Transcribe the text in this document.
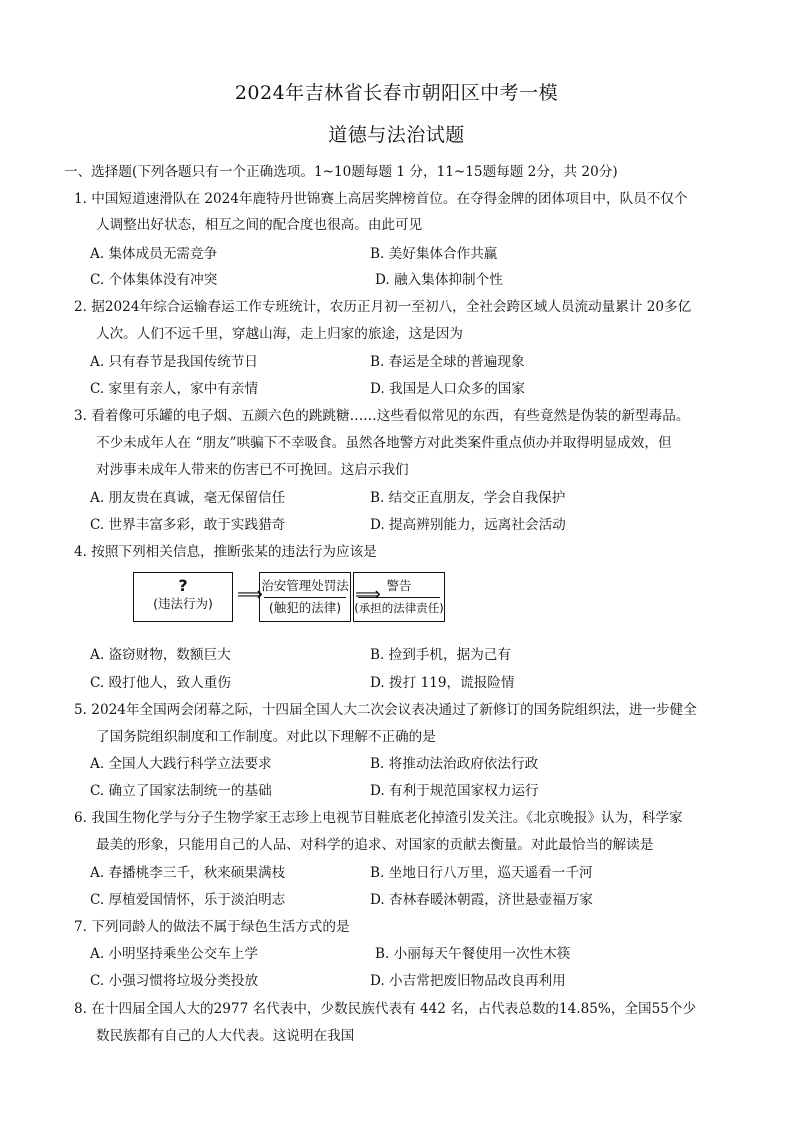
2024年吉林省长春市朝阳区中考一模
道德与法治试题
一、选择题(下列各题只有一个正确选项。1~10题每题 1 分，11~15题每题 2分，共 20分)
1. 中国短道速滑队在 2024年鹿特丹世锦赛上高居奖牌榜首位。在夺得金牌的团体项目中，队员不仅个
人调整出好状态，相互之间的配合度也很高。由此可见
A. 集体成员无需竞争	B. 美好集体合作共赢
C. 个体集体没有冲突	D. 融入集体抑制个性
2. 据2024年综合运输春运工作专班统计，农历正月初一至初八，全社会跨区域人员流动量累计 20多亿
人次。人们不远千里，穿越山海，走上归家的旅途，这是因为
A. 只有春节是我国传统节日	B. 春运是全球的普遍现象
C. 家里有亲人，家中有亲情	D. 我国是人口众多的国家
3. 看着像可乐罐的电子烟、五颜六色的跳跳糖……这些看似常见的东西，有些竟然是伪装的新型毒品。
不少未成年人在 “朋友”哄骗下不幸吸食。虽然各地警方对此类案件重点侦办并取得明显成效，但
对涉事未成年人带来的伤害已不可挽回。这启示我们
A. 朋友贵在真诚，毫无保留信任	B. 结交正直朋友，学会自我保护
C. 世界丰富多彩，敢于实践猎奇	D. 提高辨别能力，远离社会活动
4. 按照下列相关信息，推断张某的违法行为应该是
?
(违法行为)	⟹
治安管理处罚法
(触犯的法律)
⟹ 警告
(承担的法律责任)
A. 盗窃财物，数额巨大	B. 捡到手机，据为己有
C. 殴打他人，致人重伤	D. 拨打 119，谎报险情
5. 2024年全国两会闭幕之际，十四届全国人大二次会议表决通过了新修订的国务院组织法，进一步健全
了国务院组织制度和工作制度。对此以下理解不正确的是
A. 全国人大践行科学立法要求	B. 将推动法治政府依法行政
C. 确立了国家法制统一的基础	D. 有利于规范国家权力运行
6. 我国生物化学与分子生物学家王志珍上电视节目鞋底老化掉渣引发关注。《北京晚报》认为，科学家
最美的形象，只能用自己的人品、对科学的追求、对国家的贡献去衡量。对此最恰当的解读是
A. 春播桃李三千，秋来硕果满枝	B. 坐地日行八万里，巡天遥看一千河
C. 厚植爱国情怀，乐于淡泊明志	D. 杏林春暖沐朝霞，济世悬壶福万家
7. 下列同龄人的做法不属于绿色生活方式的是
A. 小明坚持乘坐公交车上学	B. 小丽每天午餐使用一次性木筷
C. 小强习惯将垃圾分类投放	D. 小吉常把废旧物品改良再利用
8. 在十四届全国人大的2977 名代表中，少数民族代表有 442 名，占代表总数的14.85%，全国55个少
数民族都有自己的人大代表。这说明在我国
